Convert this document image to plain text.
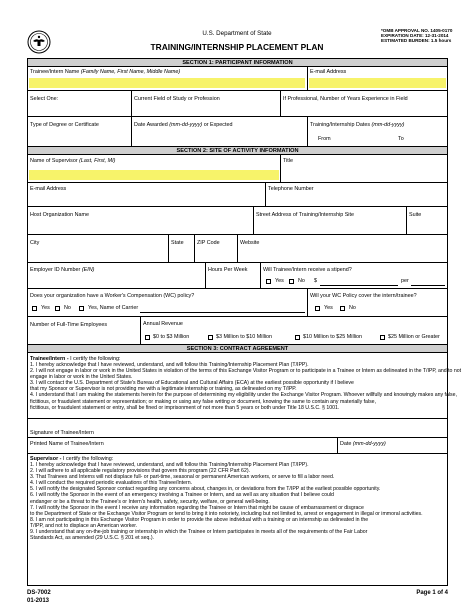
U.S. Department of State	*OMB APPROVAL NO. 1405-0170
EXPIRATION DATE: 12-31-2014
ESTIMATED BURDEN: 1.5 hours
TRAINING/INTERNSHIP PLACEMENT PLAN
SECTION 1: PARTICIPANT INFORMATION
Trainee/Intern Name (Family Name, First Name, Middle Name)	E-mail Address
Select One:	Current Field of Study or Profession	If Professional, Number of Years Experience in Field
Type of Degree or Certificate	Date Awarded (mm-dd-yyyy) or Expected	Training/Internship Dates (mm-dd-yyyy)
From	To
SECTION 2: SITE OF ACTIVITY INFORMATION
Name of Supervisor (Last, First, MI)	Title
E-mail Address	Telephone Number
Host Organization Name	Street Address of Training/Internship Site	Suite
City	State ZIP Code	Website
Employer ID Number (EIN)	Hours Per Week	Will Trainee/Intern receive a stipend?
Yes	No $	per
Does your organization have a Worker's Compensation (WC) policy?
Yes	No	Yes, Name of Carrier
Will your WC Policy cover the intern/trainee?
Yes	No
Number of Full-Time Employees	Annual Revenue
$0 to $3 Million	$3 Million to $10 Million	$10 Million to $25 Million	$25 Million or Greater
SECTION 3: CONTRACT AGREEMENT
Trainee/Intern - I certify the following:
1. I hereby acknowledge that I have reviewed, understand, and will follow this Training/Internship Placement Plan (T/IPP).
2. I will not engage in labor or work in the United States in violation of the terms of this Exchange Visitor Program or to participate in a Trainee or Intern as delineated in the T/IPP, and to not
engage in labor or work in the United States.
3. I will contact the U.S. Department of State's Bureau of Educational and Cultural Affairs (ECA) at the earliest possible opportunity if I believe
that my Sponsor or Supervisor is not providing me with a legitimate internship or training, as delineated on my T/IPP.
4. I understand that I am making the statements herein for the purpose of determining my eligibility under the Exchange Visitor Program. Whoever willfully and knowingly makes any false,
fictitious, or fraudulent statement or representation; or making or using any false writing or document, knowing the same to contain any materially false,
fictitious, or fraudulent statement or entry, shall be fined or imprisonment of not more than 5 years or both under Title 18 U.S.C. § 1001.
Signature of Trainee/Intern
Printed Name of Trainee/Intern	Date (mm-dd-yyyy)
Supervisor - I certify the following:
1. I hereby acknowledge that I have reviewed, understand, and will follow this Training/Internship Placement Plan (T/IPP).
2. I will adhere to all applicable regulatory provisions that govern this program (22 CFR Part 62).
3. That Trainees and Interns will not displace full- or part-time, seasonal or permanent American workers, or serve to fill a labor need.
4. I will conduct the required periodic evaluations of this Trainee/Intern.
5. I will notify the designated Sponsor contact regarding any concerns about, changes in, or deviations from the T/IPP at the earliest possible opportunity.
6. I will notify the Sponsor in the event of an emergency involving a Trainee or Intern, and as well as any situation that I believe could
endanger or be a threat to the Trainee's or Intern's health, safety, security, welfare, or general well-being.
7. I will notify the Sponsor in the event I receive any information regarding the Trainee or Intern that might be cause of embarrassment or disgrace
to the Department of State or the Exchange Visitor Program or tend to bring it into notoriety, including but not limited to, arrest or engagement in illegal or immoral activities.
8. I am not participating in this Exchange Visitor Program in order to provide the above individual with a training or an internship as delineated in the
T/IPP, and not to displace an American worker.
9. I understand that any on-the-job training or internship in which the Trainee or Intern participates in meets all of the requirements of the Fair Labor
Standards Act, as amended (29 U.S.C. § 201 et seq.).
DS-7002
01-2013
Page 1 of 4
